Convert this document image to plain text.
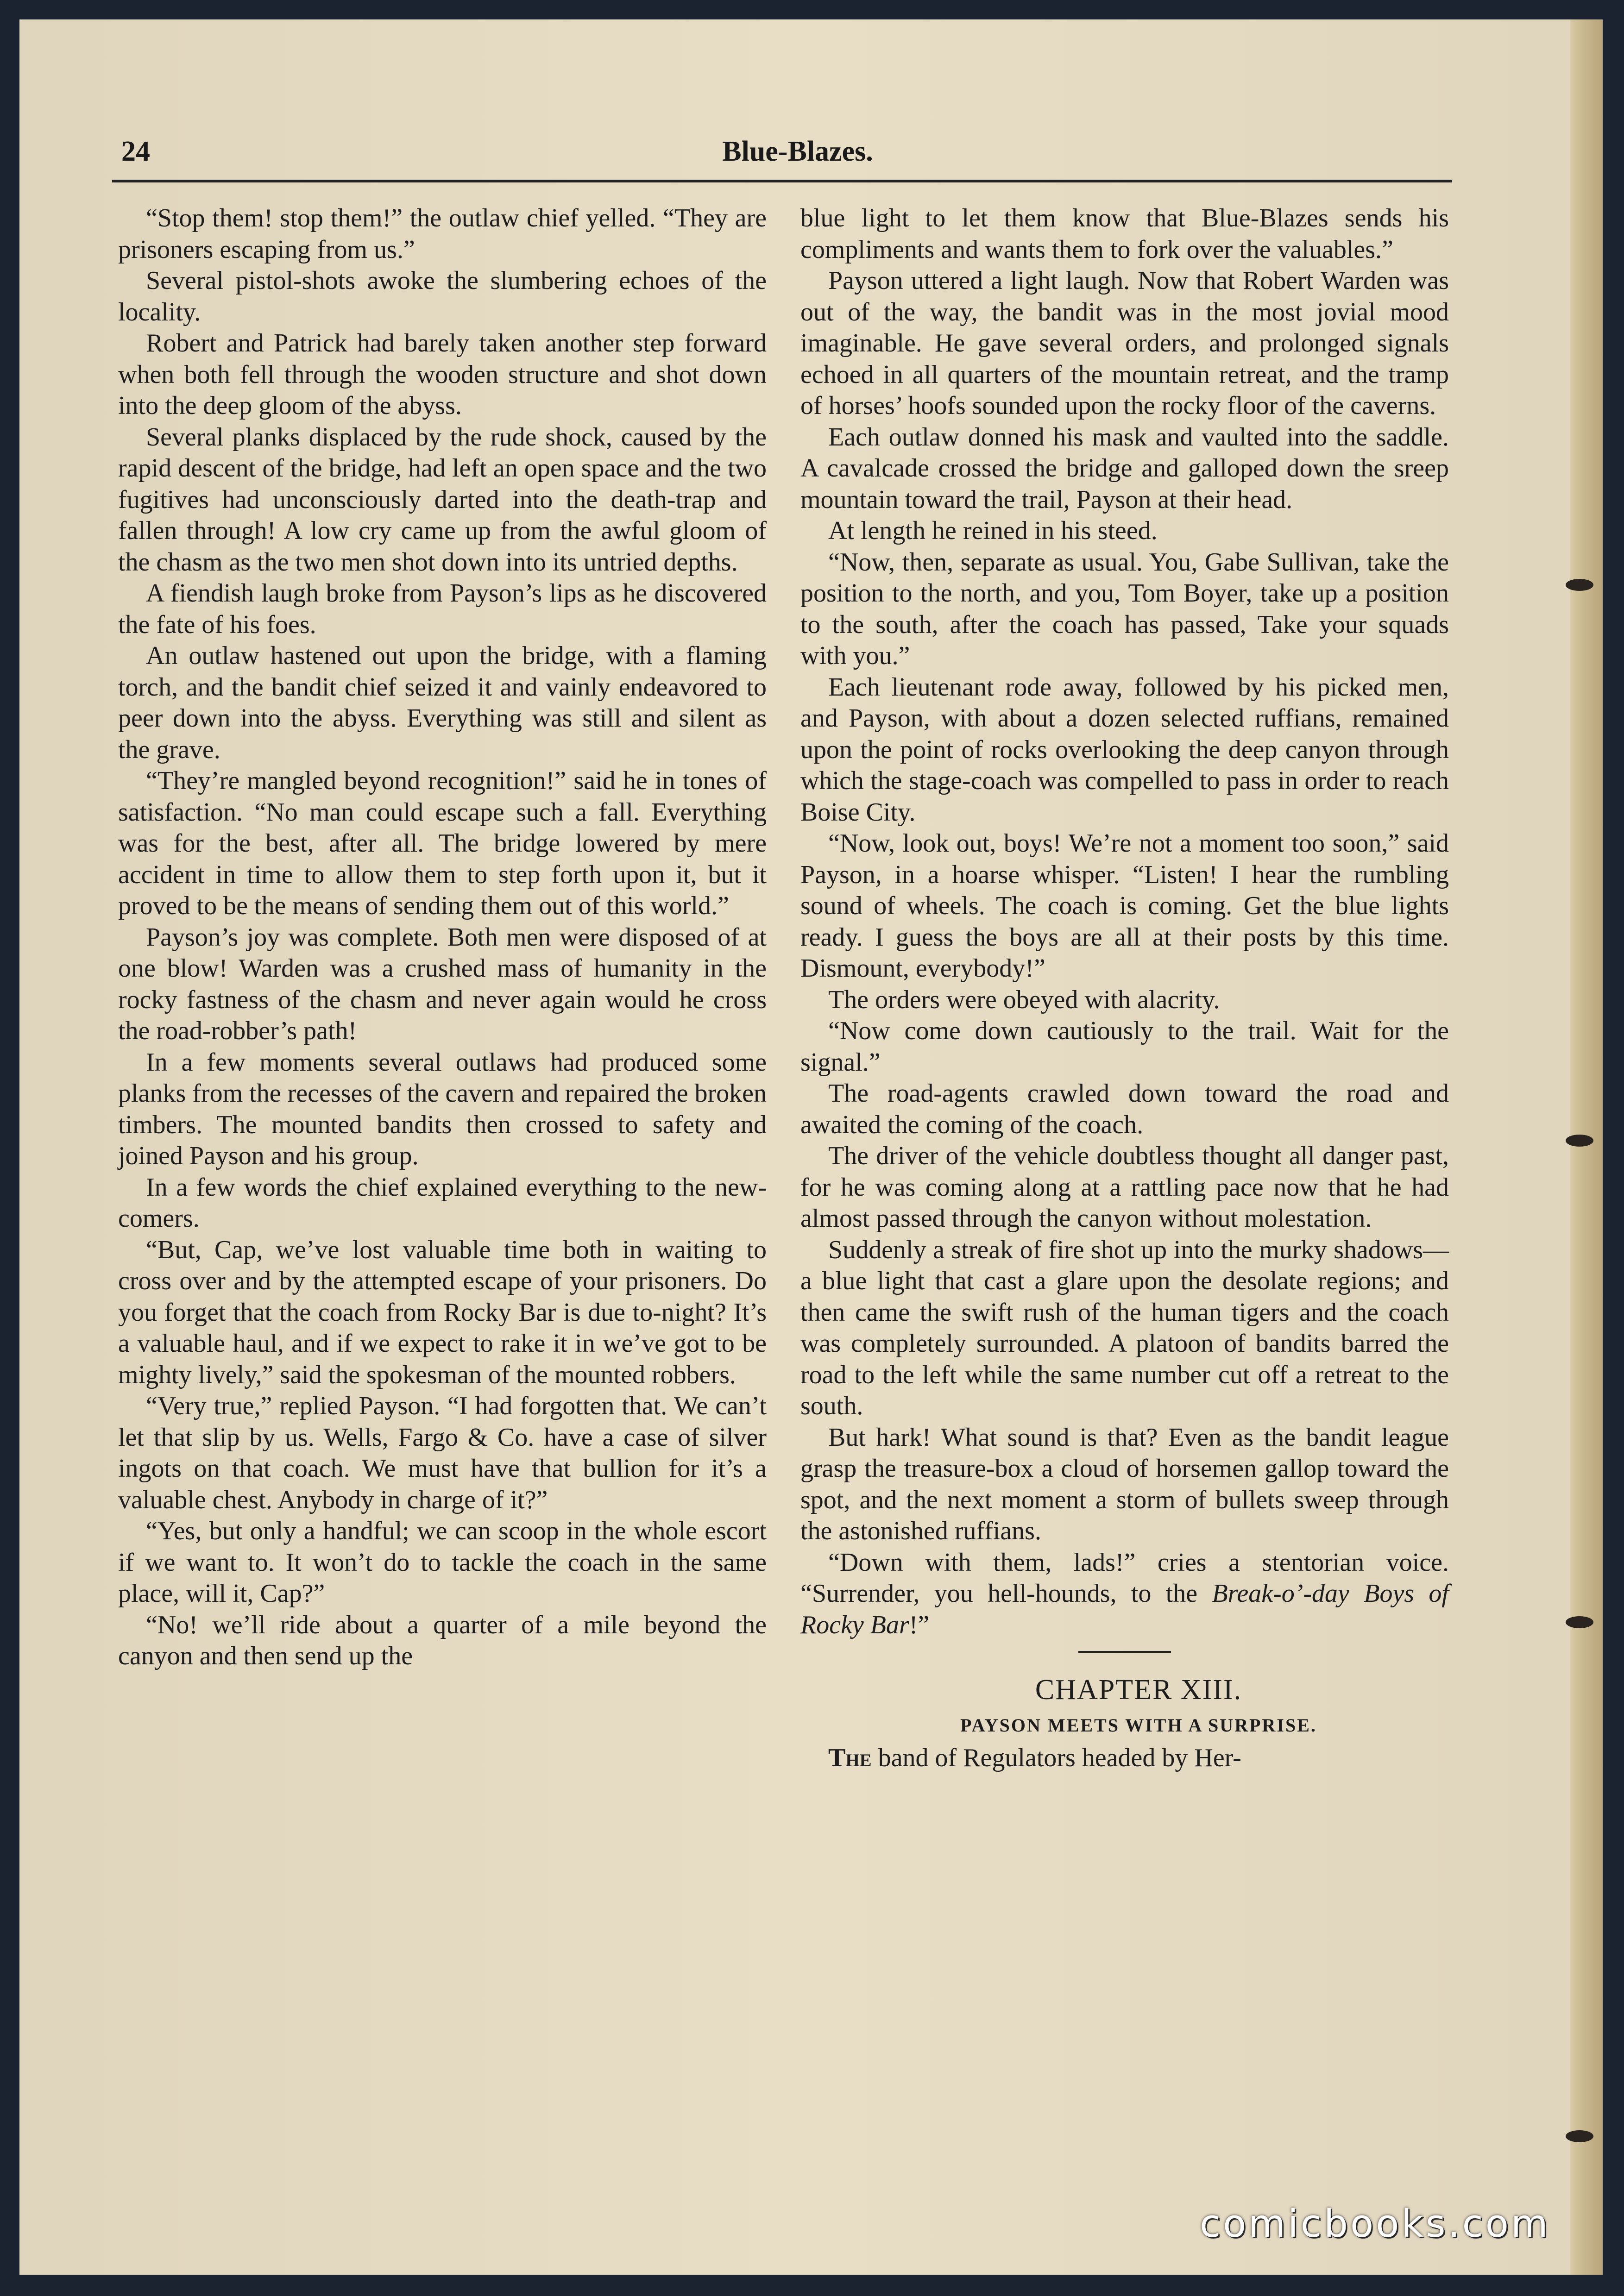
24	Blue-Blazes.

“Stop them! stop them!” the outlaw chief yelled. “They are prisoners escaping from us.”

Several pistol-shots awoke the slumbering echoes of the locality.

Robert and Patrick had barely taken another step forward when both fell through the wooden structure and shot down into the deep gloom of the abyss.

Several planks displaced by the rude shock, caused by the rapid descent of the bridge, had left an open space and the two fugitives had unconsciously darted into the death-trap and fallen through! A low cry came up from the awful gloom of the chasm as the two men shot down into its untried depths.

A fiendish laugh broke from Payson’s lips as he discovered the fate of his foes.

An outlaw hastened out upon the bridge, with a flaming torch, and the bandit chief seized it and vainly endeavored to peer down into the abyss. Everything was still and silent as the grave.

“They’re mangled beyond recognition!” said he in tones of satisfaction. “No man could escape such a fall. Everything was for the best, after all. The bridge lowered by mere accident in time to allow them to step forth upon it, but it proved to be the means of sending them out of this world.”

Payson’s joy was complete. Both men were disposed of at one blow! Warden was a crushed mass of humanity in the rocky fastness of the chasm and never again would he cross the road-robber’s path!

In a few moments several outlaws had produced some planks from the recesses of the cavern and repaired the broken timbers. The mounted bandits then crossed to safety and joined Payson and his group.

In a few words the chief explained everything to the new-comers.

“But, Cap, we’ve lost valuable time both in waiting to cross over and by the attempted escape of your prisoners. Do you forget that the coach from Rocky Bar is due to-night? It’s a valuable haul, and if we expect to rake it in we’ve got to be mighty lively,” said the spokesman of the mounted robbers.

“Very true,” replied Payson. “I had forgotten that. We can’t let that slip by us. Wells, Fargo & Co. have a case of silver ingots on that coach. We must have that bullion for it’s a valuable chest. Anybody in charge of it?”

“Yes, but only a handful; we can scoop in the whole escort if we want to. It won’t do to tackle the coach in the same place, will it, Cap?”

“No! we’ll ride about a quarter of a mile beyond the canyon and then send up the

blue light to let them know that Blue-Blazes sends his compliments and wants them to fork over the valuables.”

Payson uttered a light laugh. Now that Robert Warden was out of the way, the bandit was in the most jovial mood imaginable. He gave several orders, and prolonged signals echoed in all quarters of the mountain retreat, and the tramp of horses’ hoofs sounded upon the rocky floor of the caverns.

Each outlaw donned his mask and vaulted into the saddle. A cavalcade crossed the bridge and galloped down the sreep mountain toward the trail, Payson at their head.

At length he reined in his steed.

“Now, then, separate as usual. You, Gabe Sullivan, take the position to the north, and you, Tom Boyer, take up a position to the south, after the coach has passed, Take your squads with you.”

Each lieutenant rode away, followed by his picked men, and Payson, with about a dozen selected ruffians, remained upon the point of rocks overlooking the deep canyon through which the stage-coach was compelled to pass in order to reach Boise City.

“Now, look out, boys! We’re not a moment too soon,” said Payson, in a hoarse whisper. “Listen! I hear the rumbling sound of wheels. The coach is coming. Get the blue lights ready. I guess the boys are all at their posts by this time. Dismount, everybody!”

The orders were obeyed with alacrity.

“Now come down cautiously to the trail. Wait for the signal.”

The road-agents crawled down toward the road and awaited the coming of the coach.

The driver of the vehicle doubtless thought all danger past, for he was coming along at a rattling pace now that he had almost passed through the canyon without molestation.

Suddenly a streak of fire shot up into the murky shadows—a blue light that cast a glare upon the desolate regions; and then came the swift rush of the human tigers and the coach was completely surrounded. A platoon of bandits barred the road to the left while the same number cut off a retreat to the south.

But hark! What sound is that? Even as the bandit league grasp the treasure-box a cloud of horsemen gallop toward the spot, and the next moment a storm of bullets sweep through the astonished ruffians.

“Down with them, lads!” cries a stentorian voice. “Surrender, you hell-hounds, to the Break-o’-day Boys of Rocky Bar!”

CHAPTER XIII.

PAYSON MEETS WITH A SURPRISE.

The band of Regulators headed by Her-

comicbooks.com
